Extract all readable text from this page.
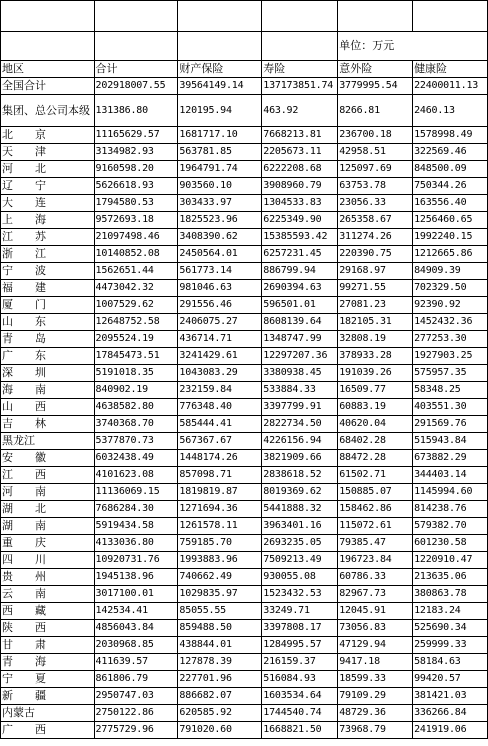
				单位：万元	
地区	合计	财产保险	寿险	意外险	健康险
全国合计	202918007.55	39564149.14	137173851.74	3779995.54	22400011.13
集团、总公司本级	131386.80	120195.94	463.92	8266.81	2460.13
北　　京	11165629.57	1681717.10	7668213.81	236700.18	1578998.49
天　　津	3134982.93	563781.85	2205673.11	42958.51	322569.46
河　　北	9160598.20	1964791.74	6222208.68	125097.69	848500.09
辽　　宁	5626618.93	903560.10	3908960.79	63753.78	750344.26
大　　连	1794580.53	303433.97	1304533.83	23056.33	163556.40
上　　海	9572693.18	1825523.96	6225349.90	265358.67	1256460.65
江　　苏	21097498.46	3408390.62	15385593.42	311274.26	1992240.15
浙　　江	10140852.08	2450564.01	6257231.45	220390.75	1212665.86
宁　　波	1562651.44	561773.14	886799.94	29168.97	84909.39
福　　建	4473042.32	981046.63	2690394.63	99271.55	702329.50
厦　　门	1007529.62	291556.46	596501.01	27081.23	92390.92
山　　东	12648752.58	2406075.27	8608139.64	182105.31	1452432.36
青　　岛	2095524.19	436714.71	1348747.99	32808.19	277253.30
广　　东	17845473.51	3241429.61	12297207.36	378933.28	1927903.25
深　　圳	5191018.35	1043083.29	3380938.45	191039.26	575957.35
海　　南	840902.19	232159.84	533884.33	16509.77	58348.25
山　　西	4638582.80	776348.40	3397799.91	60883.19	403551.30
吉　　林	3740368.70	585444.41	2822734.50	40620.04	291569.76
黑龙江	5377870.73	567367.67	4226156.94	68402.28	515943.84
安　　徽	6032438.49	1448174.26	3821909.66	88472.28	673882.29
江　　西	4101623.08	857098.71	2838618.52	61502.71	344403.14
河　　南	11136069.15	1819819.87	8019369.62	150885.07	1145994.60
湖　　北	7686284.30	1271694.36	5441888.32	158462.86	814238.76
湖　　南	5919434.58	1261578.11	3963401.16	115072.61	579382.70
重　　庆	4133036.80	759185.70	2693235.05	79385.47	601230.58
四　　川	10920731.76	1993883.96	7509213.49	196723.84	1220910.47
贵　　州	1945138.96	740662.49	930055.08	60786.33	213635.06
云　　南	3017100.01	1029835.97	1523432.53	82967.73	380863.78
西　　藏	142534.41	85055.55	33249.71	12045.91	12183.24
陕　　西	4856043.84	859488.50	3397808.17	73056.83	525690.34
甘　　肃	2030968.85	438844.01	1284995.57	47129.94	259999.33
青　　海	411639.57	127878.39	216159.37	9417.18	58184.63
宁　　夏	861806.79	227701.96	516084.93	18599.33	99420.57
新　　疆	2950747.03	886682.07	1603534.64	79109.29	381421.03
内蒙古	2750122.86	620585.92	1744540.74	48729.36	336266.84
广　　西	2775729.96	791020.60	1668821.50	73968.79	241919.06
